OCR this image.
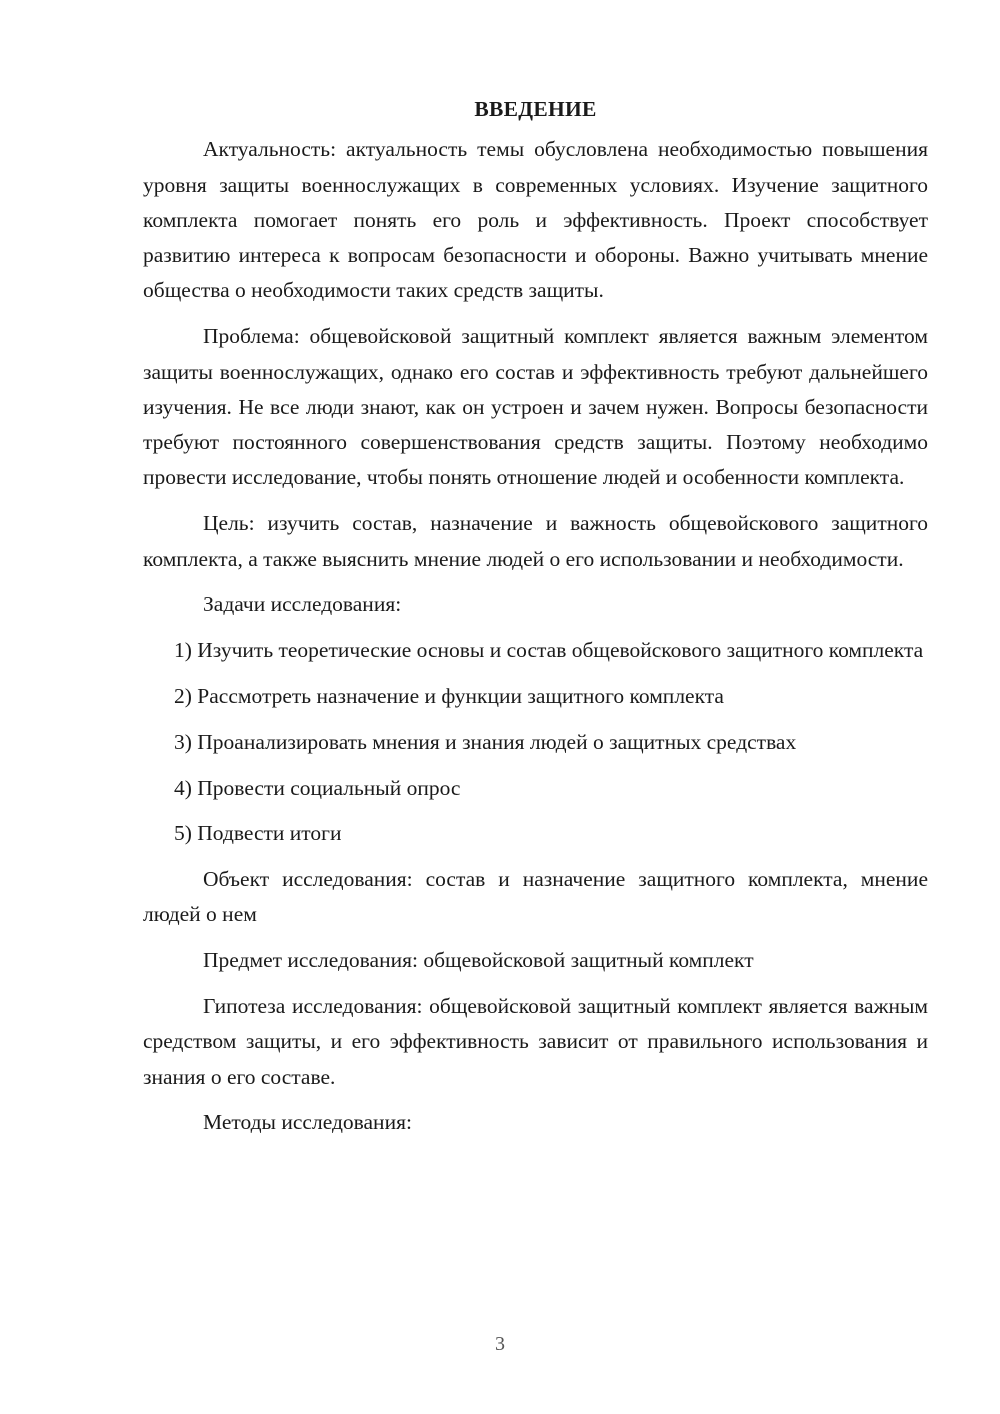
ВВЕДЕНИЕ

Актуальность: актуальность темы обусловлена необходимостью повышения уровня защиты военнослужащих в современных условиях. Изучение защитного комплекта помогает понять его роль и эффективность. Проект способствует развитию интереса к вопросам безопасности и обороны. Важно учитывать мнение общества о необходимости таких средств защиты.

Проблема: общевойсковой защитный комплект является важным элементом защиты военнослужащих, однако его состав и эффективность требуют дальнейшего изучения. Не все люди знают, как он устроен и зачем нужен. Вопросы безопасности требуют постоянного совершенствования средств защиты. Поэтому необходимо провести исследование, чтобы понять отношение людей и особенности комплекта.

Цель: изучить состав, назначение и важность общевойскового защитного комплекта, а также выяснить мнение людей о его использовании и необходимости.

Задачи исследования:

1) Изучить теоретические основы и состав общевойскового защитного комплекта

2) Рассмотреть назначение и функции защитного комплекта

3) Проанализировать мнения и знания людей о защитных средствах

4) Провести социальный опрос

5) Подвести итоги

Объект исследования: состав и назначение защитного комплекта, мнение людей о нем

Предмет исследования: общевойсковой защитный комплект

Гипотеза исследования: общевойсковой защитный комплект является важным средством защиты, и его эффективность зависит от правильного использования и знания о его составе.

Методы исследования:

3
